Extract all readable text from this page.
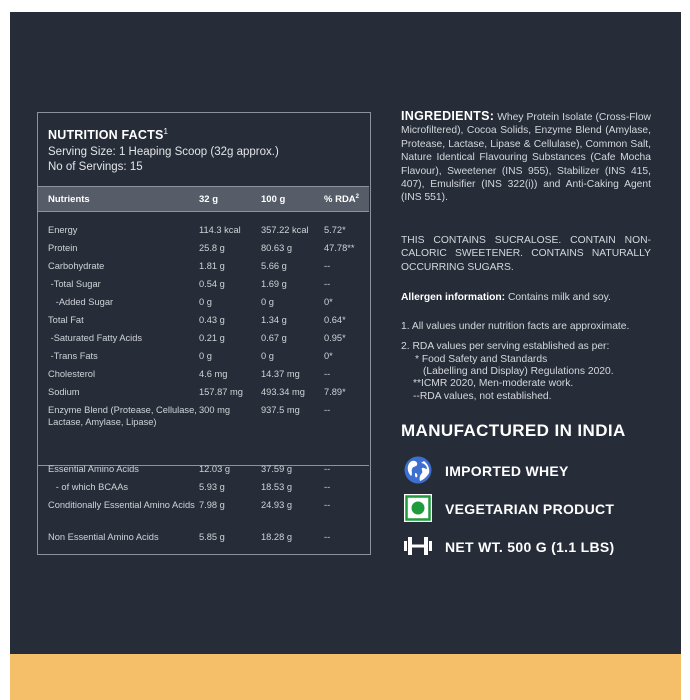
NUTRITION FACTS$^1$
Serving Size: 1 Heaping Scoop (32g approx.)
No of Servings: 15
Nutrients	32 g	100 g	% RDA$^2$
Energy	114.3 kcal 357.22 kcal 5.72*
Protein	25.8 g	80.63 g	47.78**
Carbohydrate	1.81 g	5.66 g	--
-Total Sugar	0.54 g	1.69 g	--
-Added Sugar	0 g	0 g	0*
Total Fat	0.43 g	1.34 g	0.64*
-Saturated Fatty Acids	0.21 g	0.67 g	0.95*
-Trans Fats	0 g	0 g	0*
Cholesterol	4.6 mg	14.37 mg	--
Sodium	157.87 mg 493.34 mg 7.89*
Enzyme Blend (Protease, Cellulase, Lactase, Amylase, Lipase)
300 mg	937.5 mg	--
Essential Amino Acids	12.03 g	37.59 g	--
- of which BCAAs	5.93 g	18.53 g	--
Conditionally Essential Amino Acids 7.98 g	24.93 g	--
Non Essential Amino Acids	5.85 g	18.28 g	--
INGREDIENTS: Whey Protein Isolate (Cross-Flow Microfiltered), Cocoa Solids, Enzyme Blend (Amylase, Protease, Lactase, Lipase & Cellulase), Common Salt, Nature Identical Flavouring Substances (Cafe Mocha Flavour), Sweetener (INS 955), Stabilizer (INS 415, 407), Emulsifier (INS 322(i)) and Anti-Caking Agent (INS 551).
THIS CONTAINS SUCRALOSE. CONTAIN NON-CALORIC SWEETENER. CONTAINS NATURALLY OCCURRING SUGARS.
Allergen information: Contains milk and soy.
1. All values under nutrition facts are approximate.
2. RDA values per serving established as per:
* Food Safety and Standards
(Labelling and Display) Regulations 2020.
**ICMR 2020, Men-moderate work.
--RDA values, not established.
MANUFACTURED IN INDIA
IMPORTED WHEY
VEGETARIAN PRODUCT
NET WT. 500 G (1.1 LBS)
